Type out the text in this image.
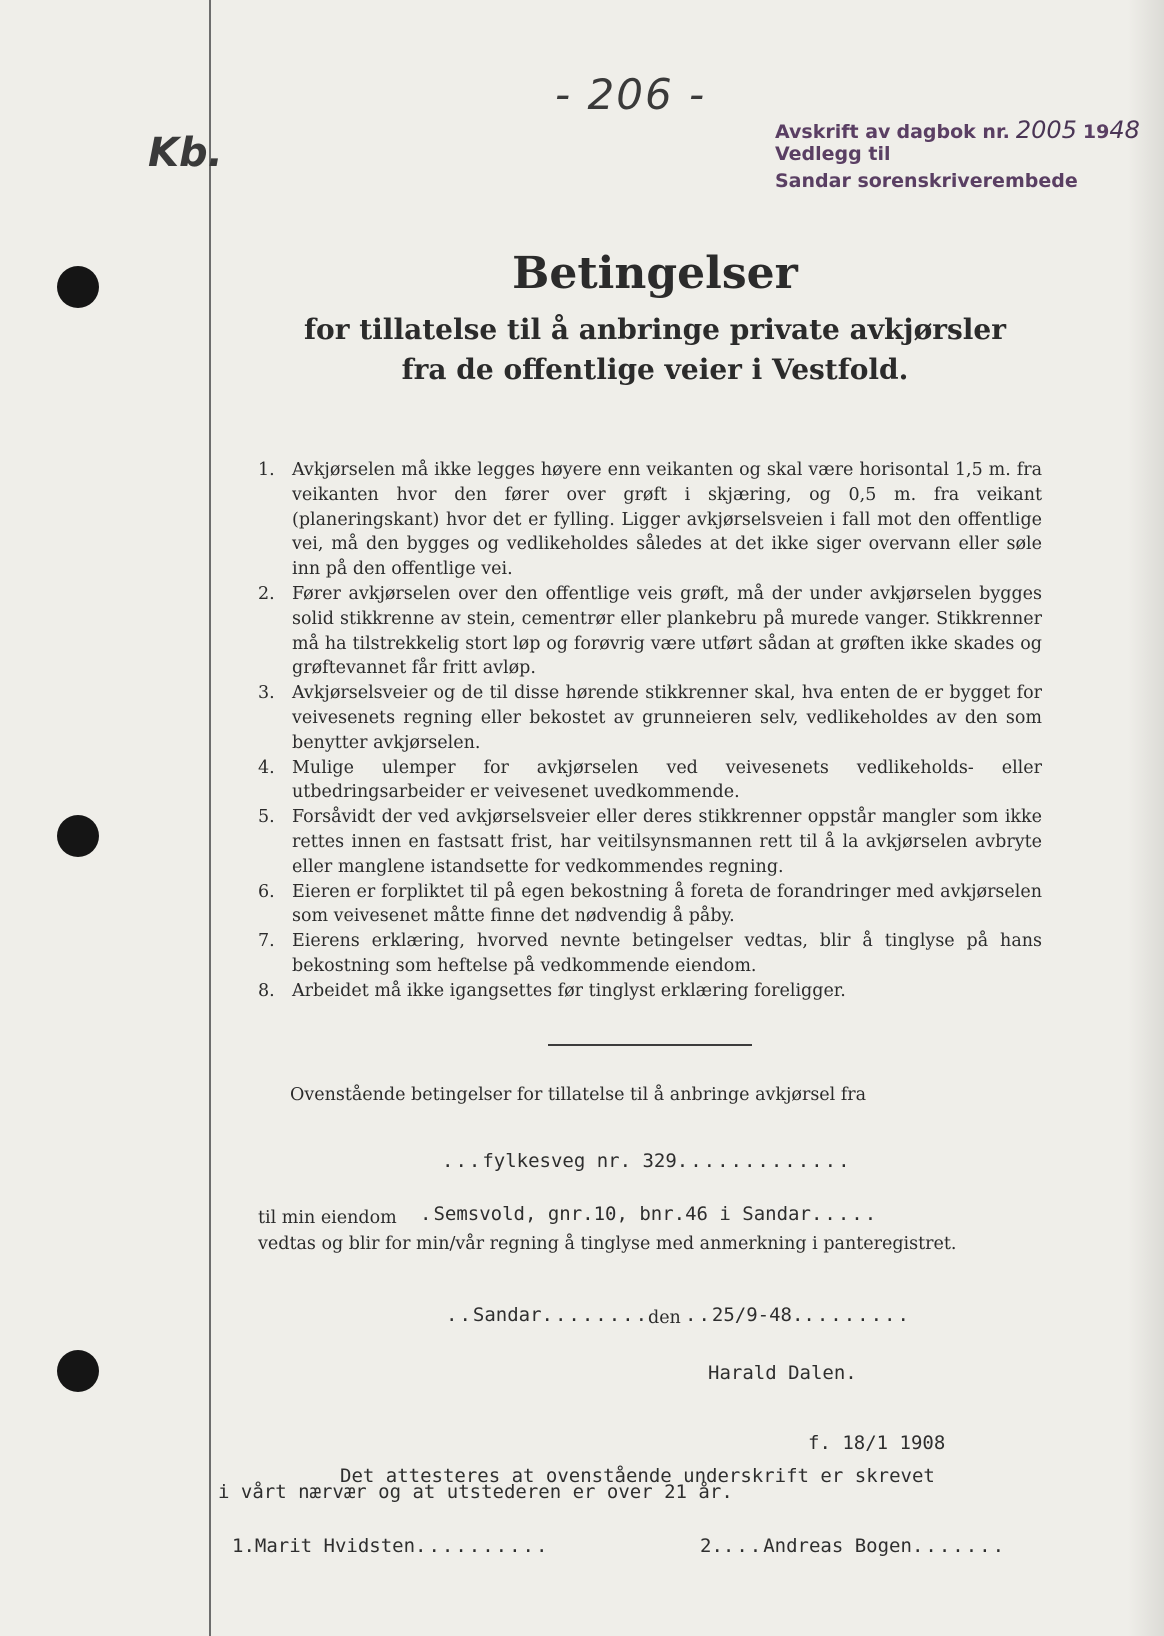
- 206 -
Kb.	Avskrift av
Vedlegg til
dagbok nr. 2005 19 48
Sandar sorenskriverembede
Betingelser
for tillatelse til å anbringe private avkjørsler
fra de offentlige veier i Vestfold.
1. Avkjørselen må ikke legges høyere enn veikanten og skal være horisontal 1,5 m. fra veikanten hvor den fører over grøft i skjæring, og 0,5 m. fra veikant (planeringskant) hvor det er fylling. Ligger avkjørselsveien i fall mot den offentlige vei, må den bygges og vedlikeholdes således at det ikke siger overvann eller søle inn på den offentlige vei.
2. Fører avkjørselen over den offentlige veis grøft, må der under avkjørselen bygges solid stikkrenne av stein, cementrør eller plankebru på murede vanger. Stikkrenner må ha tilstrekkelig stort løp og forøvrig være utført sådan at grøften ikke skades og grøftevannet får fritt avløp.
3. Avkjørselsveier og de til disse hørende stikkrenner skal, hva enten de er bygget for veivesenets regning eller bekostet av grunneieren selv, vedlikeholdes av den som benytter avkjørselen.
4. Mulige ulemper for avkjørselen ved veivesenets vedlikeholds- eller utbedringsarbeider er veivesenet uvedkommende.
5. Forsåvidt der ved avkjørselsveier eller deres stikkrenner oppstår mangler som ikke rettes innen en fastsatt frist, har veitilsynsmannen rett til å la avkjørselen avbryte eller manglene istandsette for vedkommendes regning.
6. Eieren er forpliktet til på egen bekostning å foreta de forandringer med avkjørselen som veivesenet måtte finne det nødvendig å påby.
7. Eierens erklæring, hvorved nevnte betingelser vedtas, blir å tinglyse på hans bekostning som heftelse på vedkommende eiendom.
8. Arbeidet må ikke igangsettes før tinglyst erklæring foreligger.
Ovenstående betingelser for tillatelse til å anbringe avkjørsel fra
...fylkesveg nr. 329.............
til min eiendom .Semsvold, gnr.10, bnr.46 i Sandar.....
vedtas og blir for min/vår regning å tinglyse med anmerkning i panteregistret.
..Sandar........
den ..25/9-48.........
Harald Dalen.
f. 18/1 1908
Det attesteres at ovenstående underskrift er skrevet
i vårt nærvær og at utstederen er over 21 år.
1.Marit Hvidsten..........	2....Andreas Bogen.......
